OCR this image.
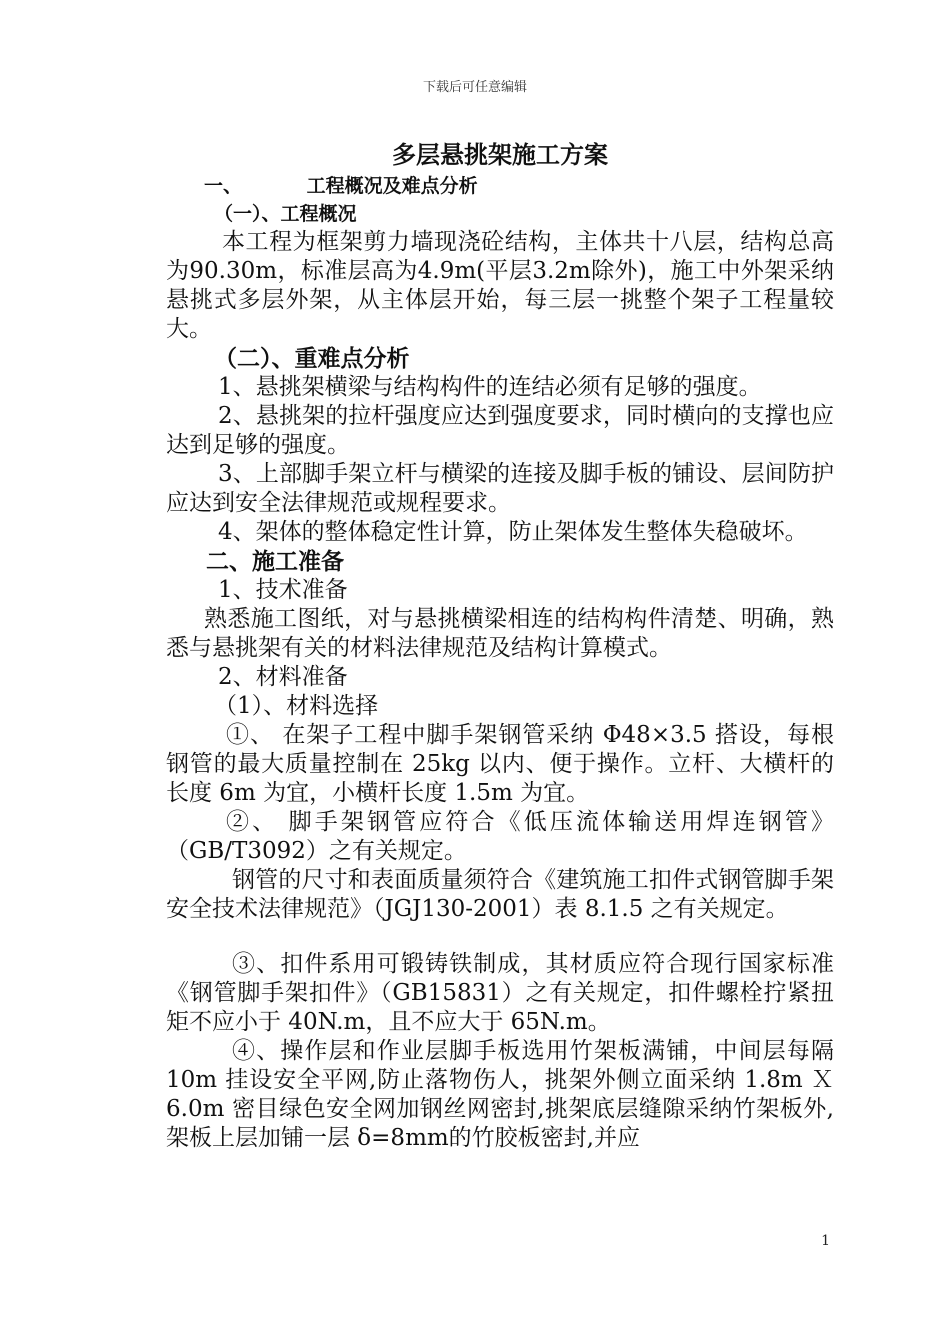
下载后可任意编辑

多层悬挑架施工方案

一、	工程概况及难点分析

（一）、工程概况

本工程为框架剪力墙现浇砼结构，主体共十八层，结构总高为90.30m，标准层高为4.9m(平层3.2m除外)，施工中外架采纳悬挑式多层外架，从主体层开始，每三层一挑整个架子工程量较大。

（二）、重难点分析

1、悬挑架横梁与结构构件的连结必须有足够的强度。

2、悬挑架的拉杆强度应达到强度要求，同时横向的支撑也应达到足够的强度。

3、上部脚手架立杆与横梁的连接及脚手板的铺设、层间防护应达到安全法律规范或规程要求。

4、架体的整体稳定性计算，防止架体发生整体失稳破坏。

二、施工准备

1、技术准备

熟悉施工图纸，对与悬挑横梁相连的结构构件清楚、明确，熟悉与悬挑架有关的材料法律规范及结构计算模式。

2、材料准备

（1）、材料选择

①、 在架子工程中脚手架钢管采纳 Φ48×3.5 搭设，每根钢管的最大质量控制在 25kg 以内、便于操作。立杆、大横杆的长度 6m 为宜，小横杆长度 1.5m 为宜。

②、 脚手架钢管应符合《低压流体输送用焊连钢管》（GB/T3092）之有关规定。

钢管的尺寸和表面质量须符合《建筑施工扣件式钢管脚手架安全技术法律规范》（JGJ130-2001）表 8.1.5 之有关规定。

③、扣件系用可锻铸铁制成，其材质应符合现行国家标准《钢管脚手架扣件》（GB15831）之有关规定，扣件螺栓拧紧扭矩不应小于 40N.m，且不应大于 65N.m。

④、操作层和作业层脚手板选用竹架板满铺，中间层每隔 10m 挂设安全平网,防止落物伤人，挑架外侧立面采纳 1.8m Ｘ6.0m 密目绿色安全网加钢丝网密封,挑架底层缝隙采纳竹架板外,架板上层加铺一层 δ=8mm的竹胶板密封,并应

1
